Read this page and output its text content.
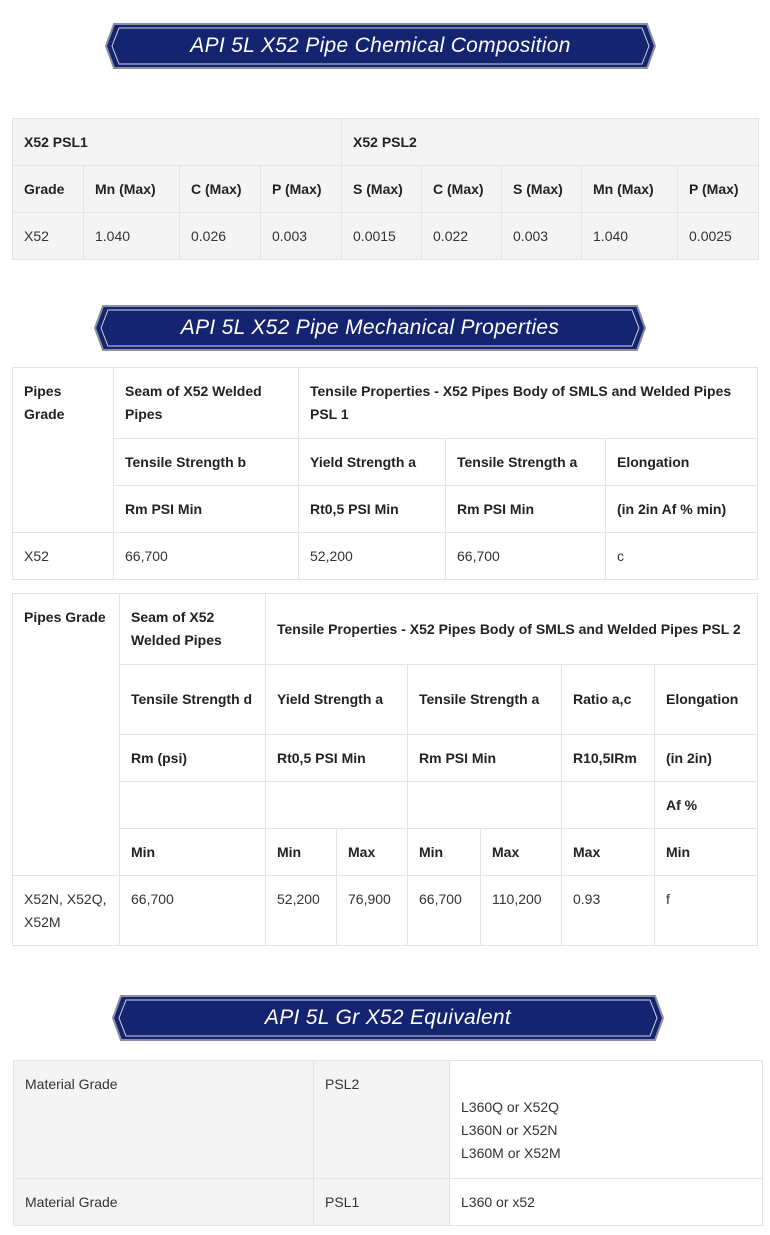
API 5L X52 Pipe Chemical Composition
X52 PSL1				X52 PSL2				
Grade	Mn (Max)	C (Max)	P (Max)	S (Max)	C (Max)	S (Max)	Mn (Max)	P (Max)
X52	1.040	0.026	0.003	0.0015	0.022	0.003	1.040	0.0025
API 5L X52 Pipe Mechanical Properties
Pipes Grade	Seam of X52 Welded Pipes	Tensile Properties - X52 Pipes Body of SMLS and Welded Pipes PSL 1		
	Tensile Strength b	Yield Strength a	Tensile Strength a	Elongation
	Rm PSI Min	Rt0,5 PSI Min	Rm PSI Min	(in 2in Af % min)
X52	66,700	52,200	66,700	c
Pipes Grade	Seam of X52 Welded Pipes	Tensile Properties - X52 Pipes Body of SMLS and Welded Pipes PSL 2					
	Tensile Strength d	Yield Strength a		Tensile Strength a		Ratio a,c	Elongation
	Rm (psi)	Rt0,5 PSI Min		Rm PSI Min		R10,5IRm	(in 2in)
							Af %
	Min	Min	Max	Min	Max	Max	Min
X52N, X52Q, X52M	66,700	52,200	76,900	66,700	110,200	0.93	f
API 5L Gr X52 Equivalent
Material Grade	PSL2	L360Q or X52Q
L360N or X52N
L360M or X52M

Material Grade	PSL1	L360 or x52
